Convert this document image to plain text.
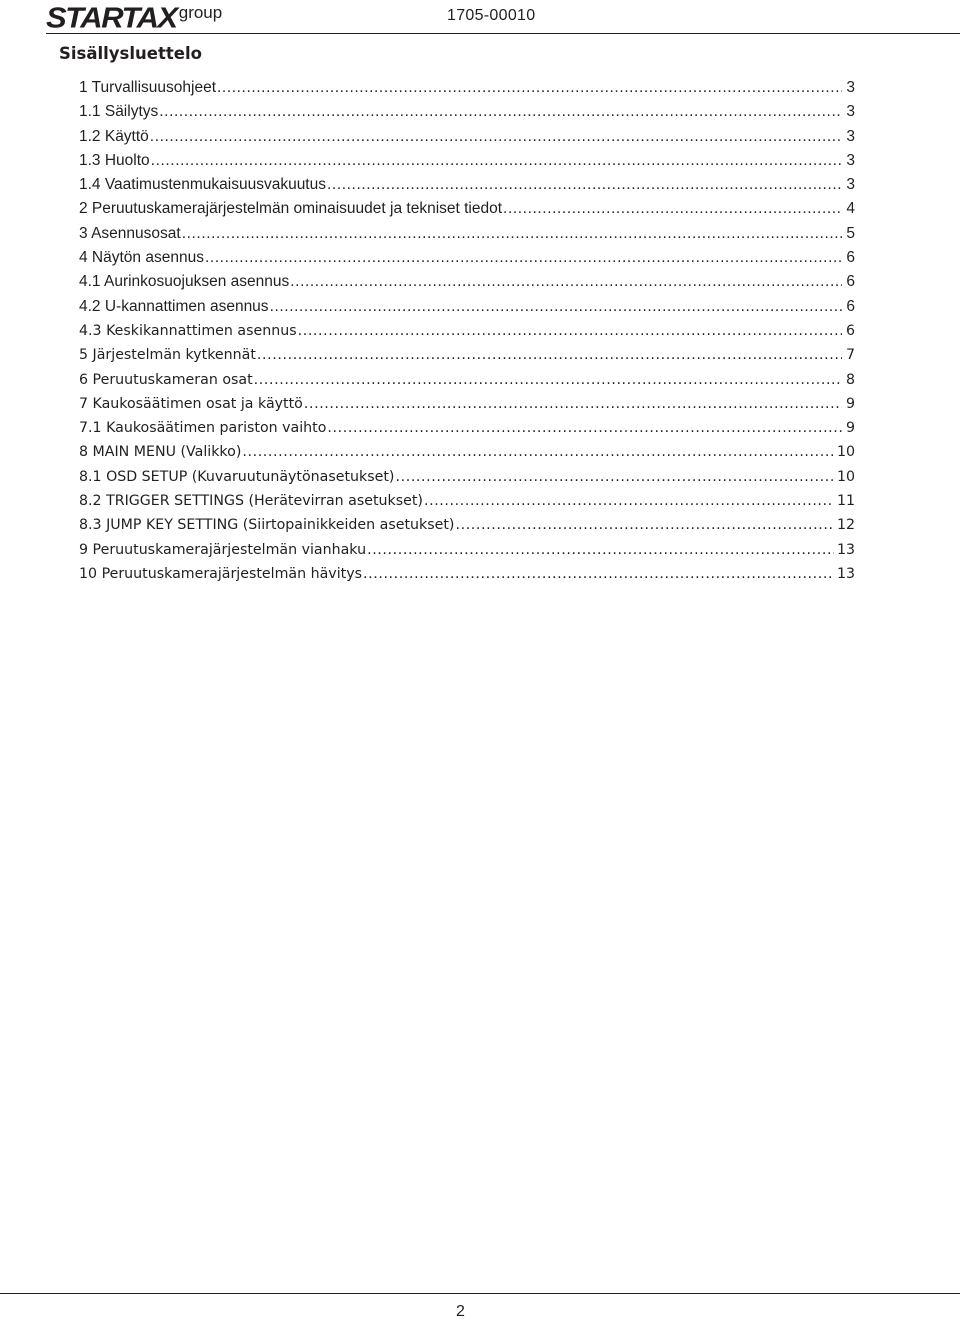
STARTAX group	1705-00010
Sisällysluettelo
1 Turvallisuusohjeet .....	3
1.1 Säilytys .....	3
1.2 Käyttö .....	3
1.3 Huolto .....	3
1.4 Vaatimustenmukaisuusvakuutus .....	3
2 Peruutuskamerajärjestelmän ominaisuudet ja tekniset tiedot .....	4
3 Asennusosat .....	5
4 Näytön asennus .....	6
4.1 Aurinkosuojuksen asennus .....	6
4.2 U-kannattimen asennus .....	6
4.3 Keskikannattimen asennus .....	6
5 Järjestelmän kytkennät .....	7
6 Peruutuskameran osat .....	8
7 Kaukosäätimen osat ja käyttö .....	9
7.1 Kaukosäätimen pariston vaihto .....	9
8 MAIN MENU (Valikko) .....	10
8.1 OSD SETUP (Kuvaruutunäytönasetukset) .....	10
8.2 TRIGGER SETTINGS (Herätevirran asetukset) .....	11
8.3 JUMP KEY SETTING (Siirtopainikkeiden asetukset) .....	12
9 Peruutuskamerajärjestelmän vianhaku .....	13
10 Peruutuskamerajärjestelmän hävitys .....	13
2
